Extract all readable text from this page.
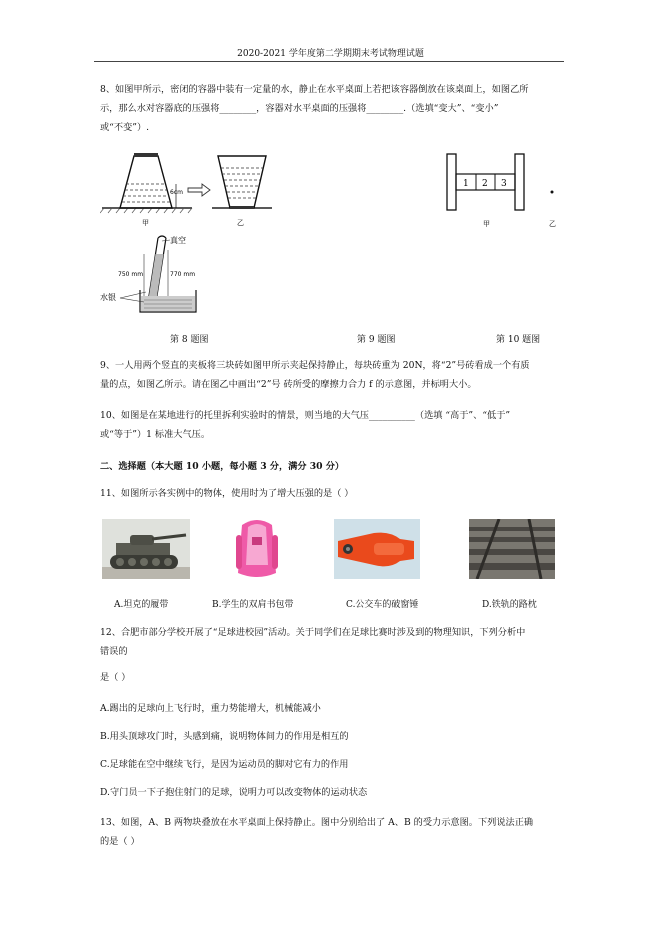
2020-2021 学年度第二学期期末考试物理试题
8、如图甲所示，密闭的容器中装有一定量的水，静止在水平桌面上若把该容器倒放在该桌面上，如图乙所
示，那么水对容器底的压强将________，容器对水平桌面的压强将________.（选填“变大”、“变小”
或“不变”）.
6cm
甲	乙
真空
750 mm	770 mm
水银
1 2 3
甲	乙
第 8 题图	第 9 题图	第 10 题图
9、一人用两个竖直的夹板将三块砖如图甲所示夹起保持静止，每块砖重为 20N，将“2”号砖看成一个有质
量的点，如图乙所示。请在图乙中画出“2”号 砖所受的摩擦力合力 f 的示意图，并标明大小。
10、如图是在某地进行的托里拆利实验时的情景，则当地的大气压__________（选填 “高于”、“低于”
或“等于”）1 标准大气压。
二、选择题（本大题 10 小题，每小题 3 分，满分 30 分）
11、如图所示各实例中的物体，使用时为了增大压强的是（ ）
A.坦克的履带	B.学生的双肩书包带	C.公交车的破窗锤	D.铁轨的路枕
12、合肥市部分学校开展了“足球进校园”活动。关于同学们在足球比赛时涉及到的物理知识，下列分析中
错误的
是（ ）
A.踢出的足球向上飞行时，重力势能增大，机械能减小
B.用头顶球攻门时，头感到痛，说明物体间力的作用是相互的
C.足球能在空中继续飞行，是因为运动员的脚对它有力的作用
D.守门员一下子抱住射门的足球，说明力可以改变物体的运动状态
13、如图，A、B 两物块叠放在水平桌面上保持静止。图中分别给出了 A、B 的受力示意图。下列说法正确
的是（ ）
